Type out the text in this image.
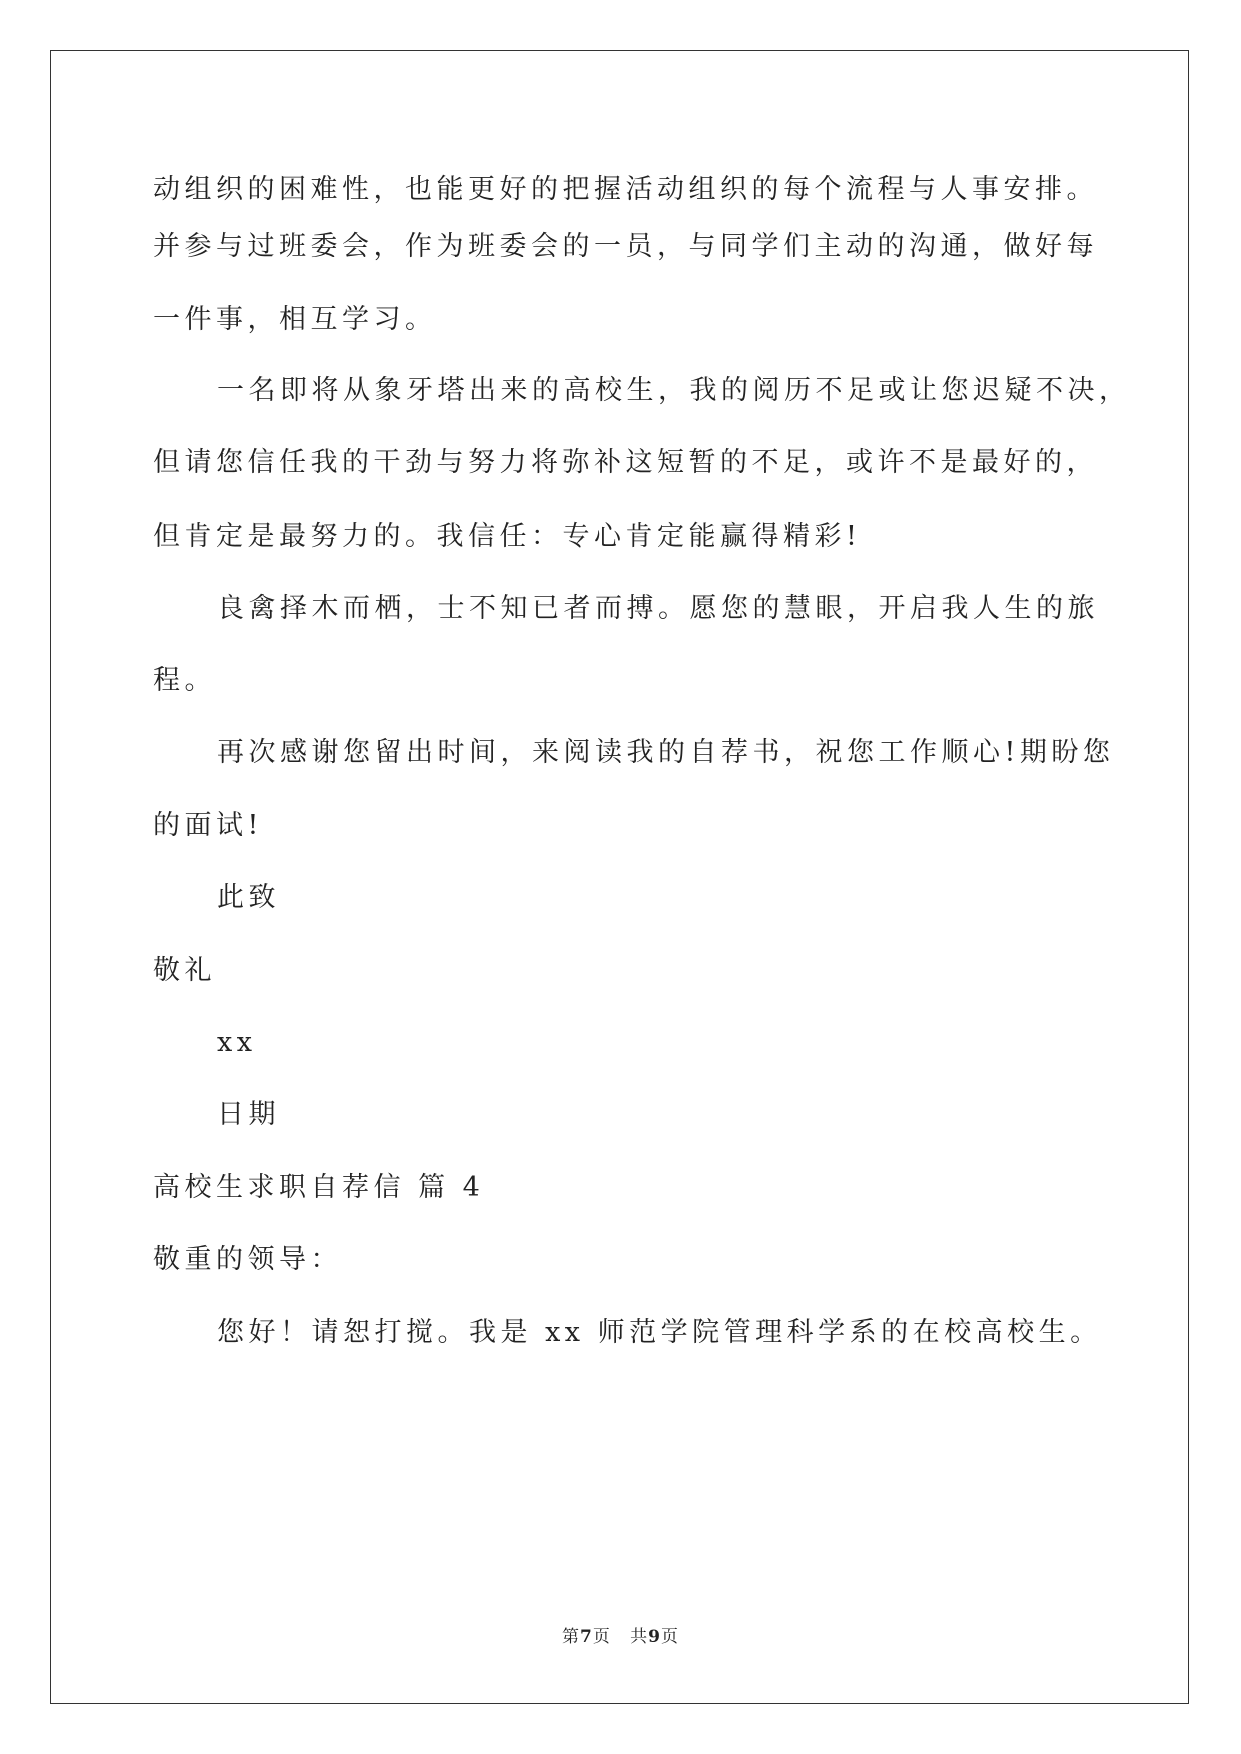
动组织的困难性，也能更好的把握活动组织的每个流程与人事安排。
并参与过班委会，作为班委会的一员，与同学们主动的沟通，做好每
一件事，相互学习。
一名即将从象牙塔出来的高校生，我的阅历不足或让您迟疑不决，
但请您信任我的干劲与努力将弥补这短暂的不足，或许不是最好的，
但肯定是最努力的。我信任：专心肯定能赢得精彩!
良禽择木而栖，士不知已者而搏。愿您的慧眼，开启我人生的旅
程。
再次感谢您留出时间，来阅读我的自荐书，祝您工作顺心!期盼您
的面试!
此致
敬礼
xx
日期
高校生求职自荐信 篇 4
敬重的领导：
您好！请恕打搅。我是 xx 师范学院管理科学系的在校高校生。
第7页 共9页
